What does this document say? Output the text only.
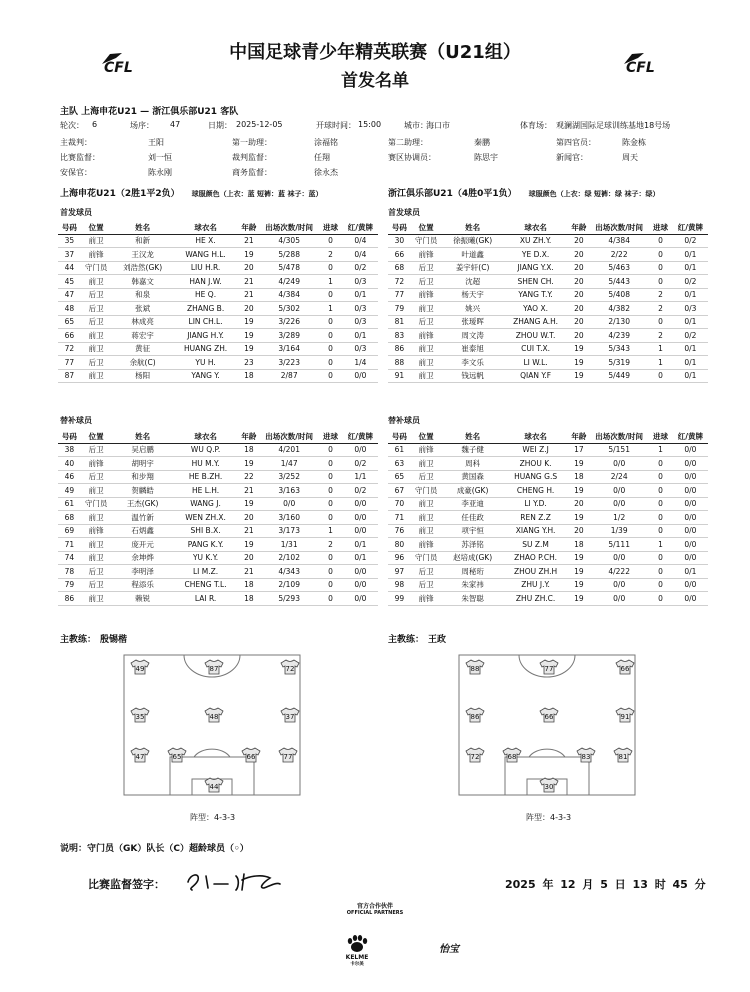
CFL	CFL
中国足球青少年精英联赛（U21组）
首发名单
主队 上海申花U21 — 浙江俱乐部U21 客队
轮次： 6	场序： 47	日期： 2025-12-05	开球时间： 15:00	城市：
海口市	体育场： 观澜湖国际足球训练基地18号场
主裁判：	王阳	第一助理：	涂福铭	第二助理：	秦鹏	第四官员：	陈金栋
比赛监督：	刘一恒	裁判监督：	任翔	赛区协调员：	陈思宇	新闻官：	周天
安保官：	陈永刚	商务监督：	徐永杰
上海申花U21（2胜1平2负） 球服颜色（上衣：蓝 短裤：蓝 袜子：蓝）	浙江俱乐部U21（4胜0平1负） 球服颜色（上衣：绿 短裤：绿 袜子：绿）
首发球员	首发球员
号码	位置	姓名	球衣名	年龄	出场次数/时间	进球	红/黄牌
35	前卫	和新	HE X.	21	4/305	0	0/4
37	前锋	王汉龙	WANG H.L.	19	5/288	2	0/4
44	守门员	刘浩然(GK)	LIU H.R.	20	5/478	0	0/2
45	前卫	韩嘉文	HAN J.W.	21	4/249	1	0/3
47	后卫	和泉	HE Q.	21	4/384	0	0/1
48	后卫	张斌	ZHANG B.	20	5/302	1	0/3
65	后卫	林成亮	LIN CH.L.	19	3/226	0	0/3
66	前卫	蒋宏宇	JIANG H.Y.	19	3/289	0	0/1
72	前卫	黄征	HUANG ZH.	19	3/164	0	0/3
77	后卫	余航(C)	YU H.	23	3/223	0	1/4
87	前卫	杨阳	YANG Y.	18	2/87	0	0/0
号码	位置	姓名	球衣名	年龄	出场次数/时间	进球	红/黄牌
30	守门员	徐振曦(GK)	XU ZH.Y.	20	4/384	0	0/2
66	前锋	叶道鑫	YE D.X.	20	2/22	0	0/1
68	后卫	姜宇轩(C)	JIANG Y.X.	20	5/463	0	0/1
72	后卫	沈超	SHEN CH.	20	5/443	0	0/2
77	前锋	杨天宇	YANG T.Y.	20	5/408	2	0/1
79	前卫	姚兴	YAO X.	20	4/382	2	0/3
81	后卫	张瑷晖	ZHANG A.H.	20	2/130	0	0/1
83	前锋	周文涛	ZHOU W.T.	20	4/239	2	0/2
86	前卫	崔泰旭	CUI T.X.	19	5/343	1	0/1
88	前卫	李文乐	LI W.L.	19	5/319	1	0/1
91	前卫	钱远帆	QIAN Y.F	19	5/449	0	0/1
替补球员	替补球员
号码	位置	姓名	球衣名	年龄	出场次数/时间	进球	红/黄牌
38	后卫	吴启鹏	WU Q.P.	18	4/201	0	0/0
40	前锋	胡明宇	HU M.Y.	19	1/47	0	0/2
46	后卫	和步翔	HE B.ZH.	22	3/252	0	1/1
49	前卫	贺麟皓	HE L.H.	21	3/163	0	0/2
61	守门员	王杰(GK)	WANG J.	19	0/0	0	0/0
68	前卫	温竹新	WEN ZH.X.	20	3/160	0	0/0
69	前锋	石炳鑫	SHI B.X.	21	3/173	1	0/0
71	前卫	庞开元	PANG K.Y.	19	1/31	2	0/1
74	前卫	余坤烨	YU K.Y.	20	2/102	0	0/1
78	后卫	李明泽	LI M.Z.	21	4/343	0	0/0
79	后卫	程添乐	CHENG T.L.	18	2/109	0	0/0
86	前卫	赖锐	LAI R.	18	5/293	0	0/0
号码	位置	姓名	球衣名	年龄	出场次数/时间	进球	红/黄牌
61	前锋	魏子健	WEI Z.J	17	5/151	1	0/0
63	前卫	周科	ZHOU K.	19	0/0	0	0/0
65	后卫	黄国森	HUANG G.S	18	2/24	0	0/0
67	守门员	成豪(GK)	CHENG H.	19	0/0	0	0/0
70	前卫	李亚迪	LI Y.D.	20	0/0	0	0/0
71	前卫	任佳政	REN Z.Z	19	1/2	0	0/0
76	前卫	项宇恒	XIANG Y.H.	20	1/39	0	0/0
80	前锋	苏泽铭	SU Z.M	18	5/111	1	0/0
96	守门员	赵培成(GK)	ZHAO P.CH.	19	0/0	0	0/0
97	后卫	周秘珩	ZHOU ZH.H	19	4/222	0	0/1
98	后卫	朱家祎	ZHU J.Y.	19	0/0	0	0/0
99	前锋	朱智聪	ZHU ZH.C.	19	0/0	0	0/0
主教练： 殷锡楷	主教练： 王政
49	87	72
35	48	37
47	65	66	77
44
88	77	66
86	66	91
72	68	83	81
30
阵型：4-3-3	阵型：4-3-3
说明：守门员（GK）队长（C）超龄球员（◦）
比赛监督签字：	2025 年 12 月 5 日 13 时 45 分
官方合作伙伴
OFFICIAL PARTNERS
KELME
卡尔美
怡宝
